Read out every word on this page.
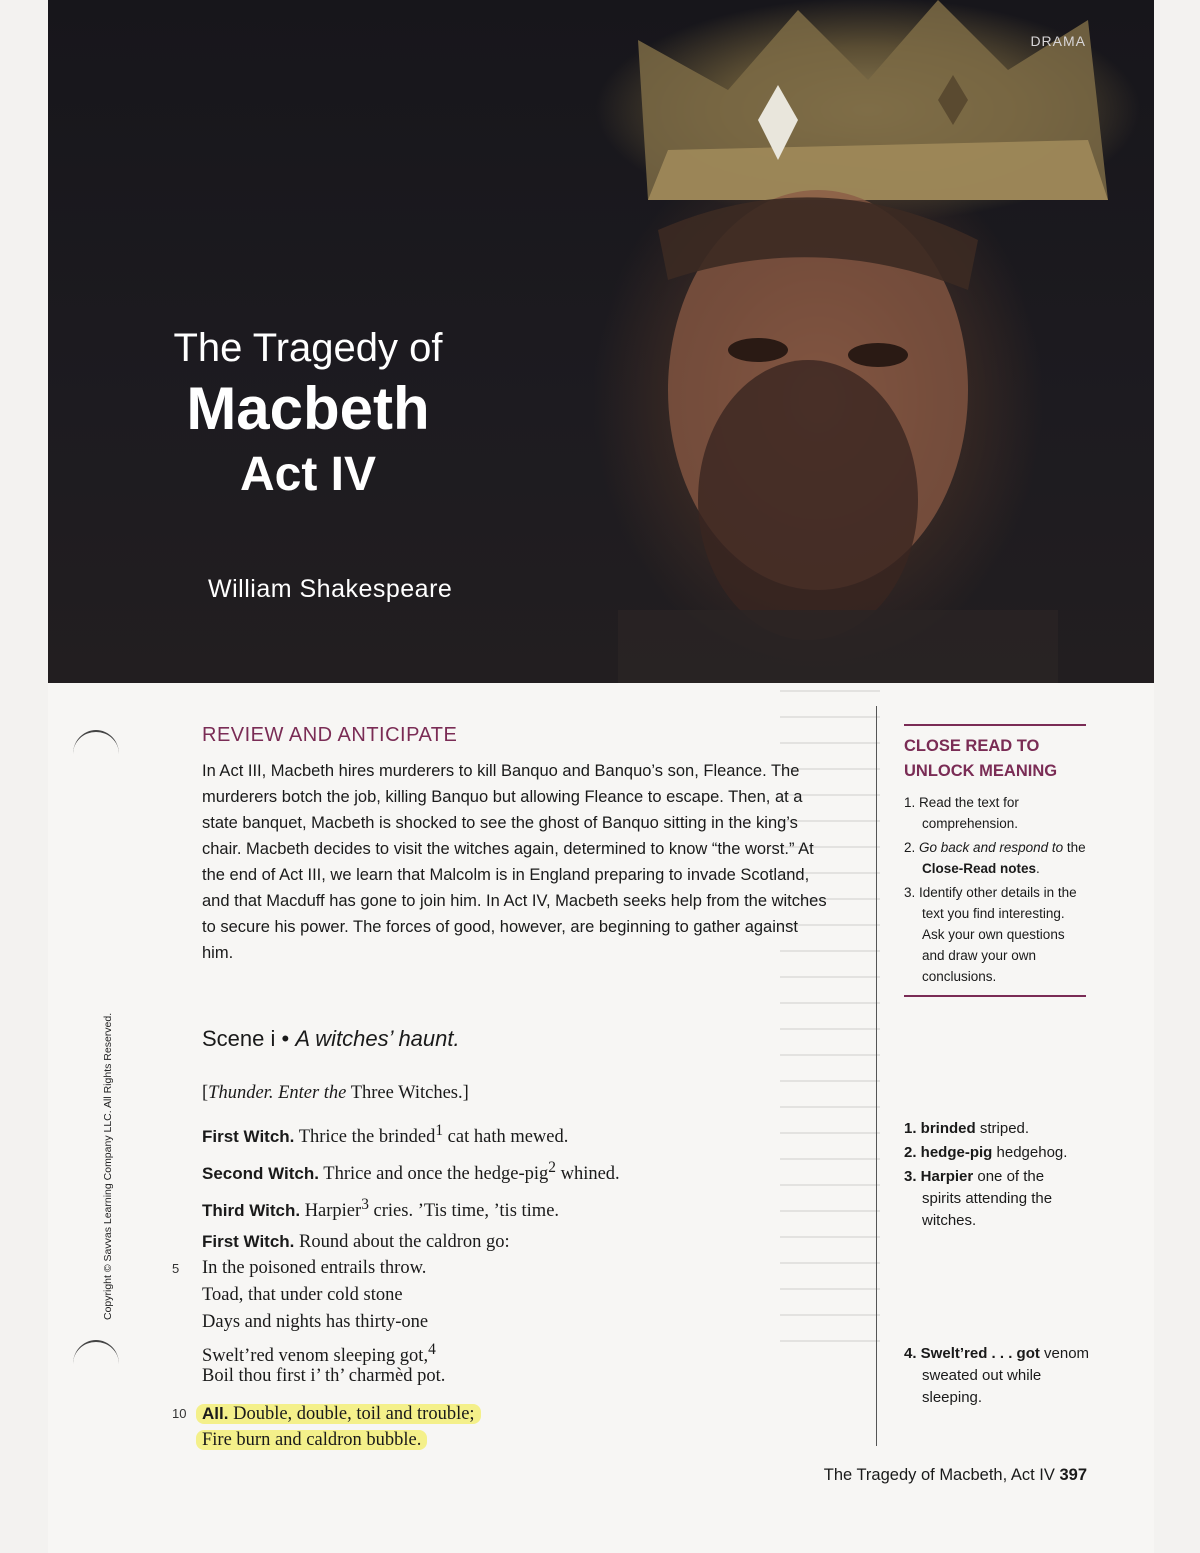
DRAMA
The Tragedy of
Macbeth
Act IV
William Shakespeare
Copyright © Savvas Learning Company LLC. All Rights Reserved.
REVIEW AND ANTICIPATE
In Act III, Macbeth hires murderers to kill Banquo and Banquo’s son, Fleance. The murderers botch the job, killing Banquo but allowing Fleance to escape. Then, at a state banquet, Macbeth is shocked to see the ghost of Banquo sitting in the king’s chair. Macbeth decides to visit the witches again, determined to know “the worst.” At the end of Act III, we learn that Malcolm is in England preparing to invade Scotland, and that Macduff has gone to join him. In Act IV, Macbeth seeks help from the witches to secure his power. The forces of good, however, are beginning to gather against him.
Scene i • A witches’ haunt.
[Thunder. Enter the Three Witches.]
First Witch. Thrice the brinded$^1$ cat hath mewed.
Second Witch. Thrice and once the hedge-pig$^2$ whined.
Third Witch. Harpier$^3$ cries. ’Tis time, ’tis time.
First Witch. Round about the caldron go:
5 In the poisoned entrails throw.
Toad, that under cold stone
Days and nights has thirty-one
Swelt’red venom sleeping got,$^4$
Boil thou first i’ th’ charmèd pot.
10 All. Double, double, toil and trouble;
Fire burn and caldron bubble.
CLOSE READ TO
UNLOCK MEANING
1. Read the text for comprehension.
2. Go back and respond to the Close-Read notes.
3. Identify other details in the text you find interesting. Ask your own questions and draw your own conclusions.
1. brinded striped.
2. hedge-pig hedgehog.
3. Harpier one of the spirits attending the witches.
4. Swelt’red . . . got venom sweated out while sleeping.
The Tragedy of Macbeth, Act IV 397
